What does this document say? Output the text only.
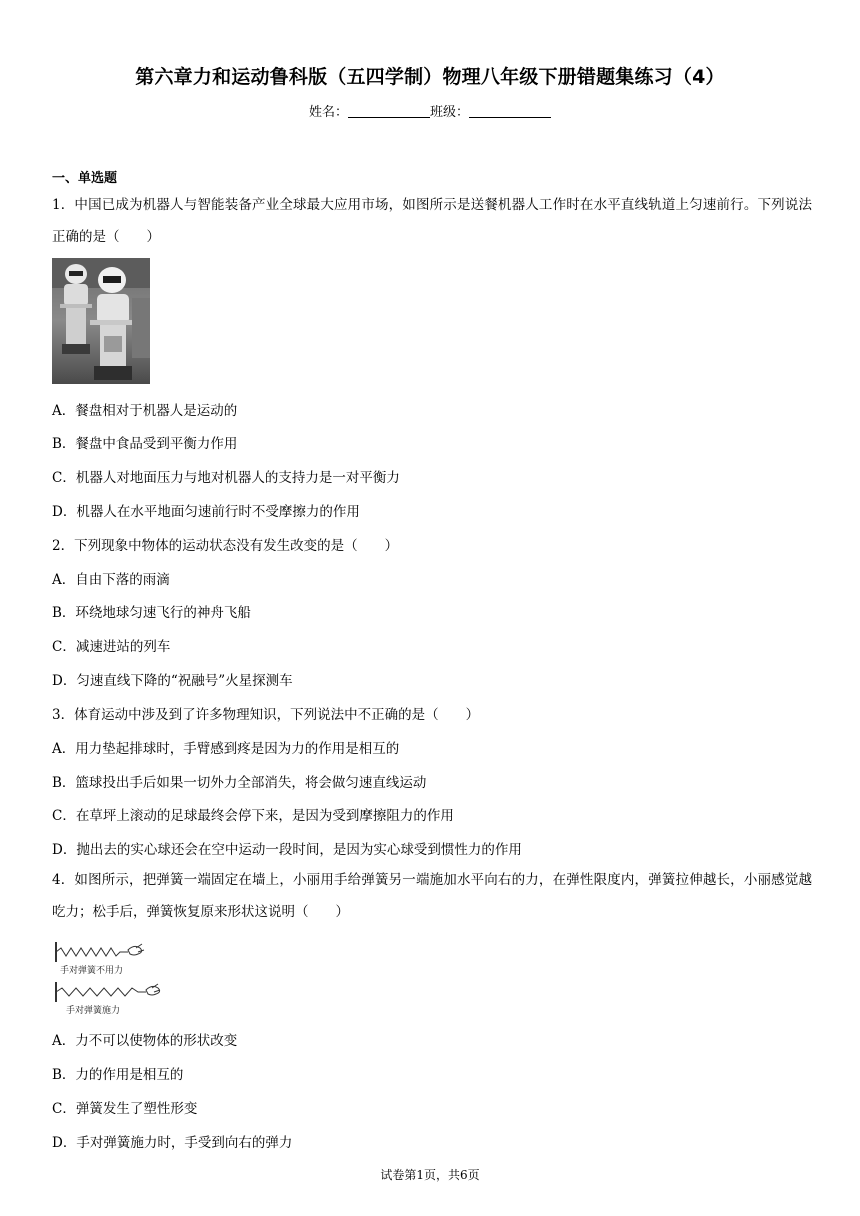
第六章力和运动鲁科版（五四学制）物理八年级下册错题集练习（4）
姓名：	班级：
一、单选题
1．中国已成为机器人与智能装备产业全球最大应用市场，如图所示是送餐机器人工作时在水平直线轨道上匀速前行。下列说法正确的是（　　）
A．餐盘相对于机器人是运动的
B．餐盘中食品受到平衡力作用
C．机器人对地面压力与地对机器人的支持力是一对平衡力
D．机器人在水平地面匀速前行时不受摩擦力的作用
2．下列现象中物体的运动状态没有发生改变的是（　　）
A．自由下落的雨滴
B．环绕地球匀速飞行的神舟飞船
C．减速进站的列车
D．匀速直线下降的“祝融号”火星探测车
3．体育运动中涉及到了许多物理知识，下列说法中不正确的是（　　）
A．用力垫起排球时，手臂感到疼是因为力的作用是相互的
B．篮球投出手后如果一切外力全部消失，将会做匀速直线运动
C．在草坪上滚动的足球最终会停下来，是因为受到摩擦阻力的作用
D．抛出去的实心球还会在空中运动一段时间，是因为实心球受到惯性力的作用
4．如图所示，把弹簧一端固定在墙上，小丽用手给弹簧另一端施加水平向右的力，在弹性限度内，弹簧拉伸越长，小丽感觉越吃力；松手后，弹簧恢复原来形状这说明（　　）
手对弹簧不用力
手对弹簧施力
A．力不可以使物体的形状改变
B．力的作用是相互的
C．弹簧发生了塑性形变
D．手对弹簧施力时，手受到向右的弹力
试卷第1页，共6页
